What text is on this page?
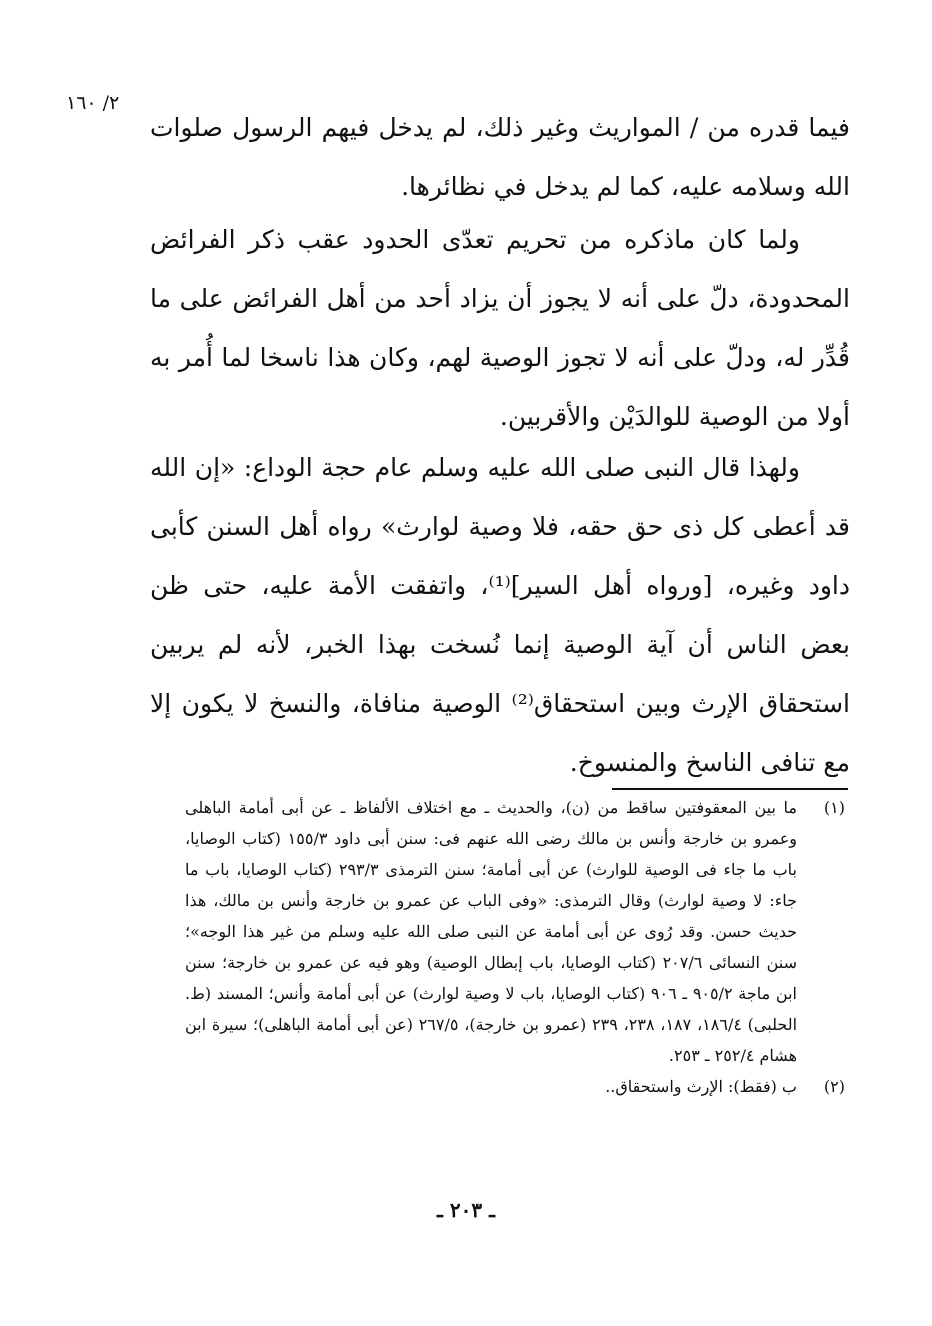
٢/ ١٦٠

فيما قدره من / المواريث وغير ذلك، لم يدخل فيهم الرسول صلوات الله وسلامه عليه، كما لم يدخل في نظائرها.

ولما كان ماذكره من تحريم تعدّى الحدود عقب ذكر الفرائض المحدودة، دلّ على أنه لا يجوز أن يزاد أحد من أهل الفرائض على ما قُدِّر له، ودلّ على أنه لا تجوز الوصية لهم، وكان هذا ناسخا لما أُمر به أولا من الوصية للوالدَيْن والأقربين.

ولهذا قال النبى صلى الله عليه وسلم عام حجة الوداع: «إن الله قد أعطى كل ذى حق حقه، فلا وصية لوارث» رواه أهل السنن كأبى داود وغيره، [ورواه أهل السير]⁽¹⁾، واتفقت الأمة عليه، حتى ظن بعض الناس أن آية الوصية إنما نُسخت بهذا الخبر، لأنه لم يربين استحقاق الإرث وبين استحقاق⁽²⁾ الوصية منافاة، والنسخ لا يكون إلا مع تنافى الناسخ والمنسوخ.

(١)
ما بين المعقوفتين ساقط من (ن)، والحديث ـ مع اختلاف الألفاظ ـ عن أبى أمامة الباهلى وعمرو بن خارجة وأنس بن مالك رضى الله عنهم فى: سنن أبى داود ١٥٥/٣ (كتاب الوصايا، باب ما جاء فى الوصية للوارث) عن أبى أمامة؛ سنن الترمذى ٢٩٣/٣ (كتاب الوصايا، باب ما جاء: لا وصية لوارث) وقال الترمذى: «وفى الباب عن عمرو بن خارجة وأنس بن مالك، هذا حديث حسن. وقد رُوى عن أبى أمامة عن النبى صلى الله عليه وسلم من غير هذا الوجه»؛ سنن النسائى ٢٠٧/٦ (كتاب الوصايا، باب إبطال الوصية) وهو فيه عن عمرو بن خارجة؛ سنن ابن ماجة ٩٠٥/٢ ـ ٩٠٦ (كتاب الوصايا، باب لا وصية لوارث) عن أبى أمامة وأنس؛ المسند (ط. الحلبى) ١٨٦/٤، ١٨٧، ٢٣٨، ٢٣٩ (عمرو بن خارجة)، ٢٦٧/٥ (عن أبى أمامة الباهلى)؛ سيرة ابن هشام ٢٥٢/٤ ـ ٢٥٣.
(٢)
ب (فقط): الإرث واستحقاق..
ـ ٢٠٣ ـ
